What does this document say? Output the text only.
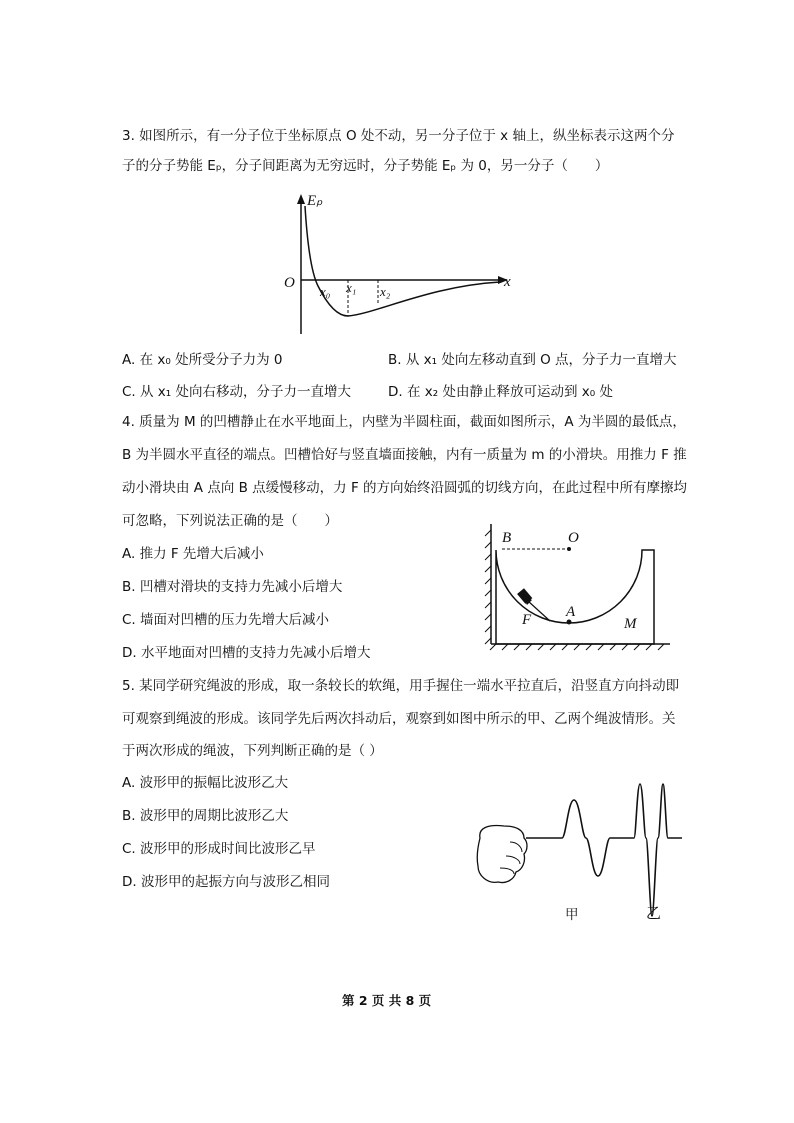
3. 如图所示，有一分子位于坐标原点 O 处不动，另一分子位于 x 轴上，纵坐标表示这两个分
子的分子势能 Eₚ，分子间距离为无穷远时，分子势能 Eₚ 为 0，另一分子（　　）
Eₚ
O	x
x₀ x₁ x₂
A. 在 x₀ 处所受分子力为 0	B. 从 x₁ 处向左移动直到 O 点，分子力一直增大
C. 从 x₁ 处向右移动，分子力一直增大	D. 在 x₂ 处由静止释放可运动到 x₀ 处
4. 质量为 M 的凹槽静止在水平地面上，内壁为半圆柱面，截面如图所示，A 为半圆的最低点，
B 为半圆水平直径的端点。凹槽恰好与竖直墙面接触，内有一质量为 m 的小滑块。用推力 F 推
动小滑块由 A 点向 B 点缓慢移动，力 F 的方向始终沿圆弧的切线方向，在此过程中所有摩擦均
可忽略，下列说法正确的是（　　）
A. 推力 F 先增大后减小
B. 凹槽对滑块的支持力先减小后增大
C. 墙面对凹槽的压力先增大后减小
D. 水平地面对凹槽的支持力先减小后增大
B	O
A
F	M
5. 某同学研究绳波的形成，取一条较长的软绳，用手握住一端水平拉直后，沿竖直方向抖动即
可观察到绳波的形成。该同学先后两次抖动后，观察到如图中所示的甲、乙两个绳波情形。关
于两次形成的绳波，下列判断正确的是（ ）
A. 波形甲的振幅比波形乙大
B. 波形甲的周期比波形乙大
C. 波形甲的形成时间比波形乙早
D. 波形甲的起振方向与波形乙相同
甲	乙
第 2 页 共 8 页
